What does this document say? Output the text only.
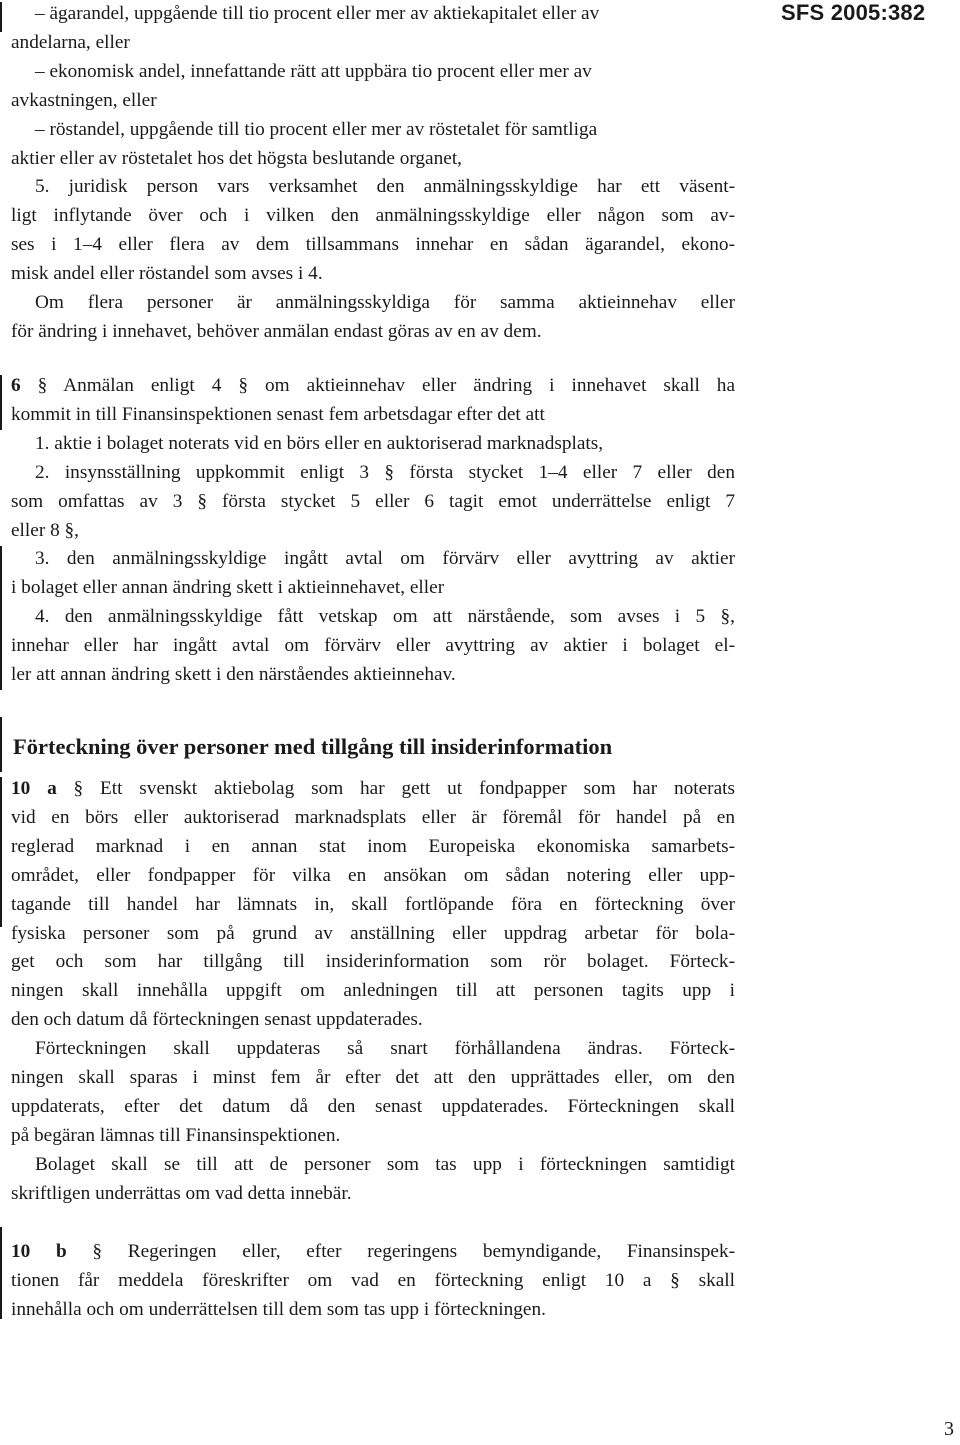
SFS 2005:382
– ägarandel, uppgående till tio procent eller mer av aktiekapitalet eller av
andelarna, eller
– ekonomisk andel, innefattande rätt att uppbära tio procent eller mer av
avkastningen, eller
– röstandel, uppgående till tio procent eller mer av röstetalet för samtliga
aktier eller av röstetalet hos det högsta beslutande organet,
5. juridisk person vars verksamhet den anmälningsskyldige har ett väsent-
ligt inflytande över och i vilken den anmälningsskyldige eller någon som av-
ses i 1–4 eller flera av dem tillsammans innehar en sådan ägarandel, ekono-
misk andel eller röstandel som avses i 4.
Om flera personer är anmälningsskyldiga för samma aktieinnehav eller
för ändring i innehavet, behöver anmälan endast göras av en av dem.
6 § Anmälan enligt 4 § om aktieinnehav eller ändring i innehavet skall ha
kommit in till Finansinspektionen senast fem arbetsdagar efter det att
1. aktie i bolaget noterats vid en börs eller en auktoriserad marknadsplats,
2. insynsställning uppkommit enligt 3 § första stycket 1–4 eller 7 eller den
som omfattas av 3 § första stycket 5 eller 6 tagit emot underrättelse enligt 7
eller 8 §,
3. den anmälningsskyldige ingått avtal om förvärv eller avyttring av aktier
i bolaget eller annan ändring skett i aktieinnehavet, eller
4. den anmälningsskyldige fått vetskap om att närstående, som avses i 5 §,
innehar eller har ingått avtal om förvärv eller avyttring av aktier i bolaget el-
ler att annan ändring skett i den närståendes aktieinnehav.
Förteckning över personer med tillgång till insiderinformation
10 a § Ett svenskt aktiebolag som har gett ut fondpapper som har noterats
vid en börs eller auktoriserad marknadsplats eller är föremål för handel på en
reglerad marknad i en annan stat inom Europeiska ekonomiska samarbets-
området, eller fondpapper för vilka en ansökan om sådan notering eller upp-
tagande till handel har lämnats in, skall fortlöpande föra en förteckning över
fysiska personer som på grund av anställning eller uppdrag arbetar för bola-
get och som har tillgång till insiderinformation som rör bolaget. Förteck-
ningen skall innehålla uppgift om anledningen till att personen tagits upp i
den och datum då förteckningen senast uppdaterades.
Förteckningen skall uppdateras så snart förhållandena ändras. Förteck-
ningen skall sparas i minst fem år efter det att den upprättades eller, om den
uppdaterats, efter det datum då den senast uppdaterades. Förteckningen skall
på begäran lämnas till Finansinspektionen.
Bolaget skall se till att de personer som tas upp i förteckningen samtidigt
skriftligen underrättas om vad detta innebär.
10 b § Regeringen eller, efter regeringens bemyndigande, Finansinspek-
tionen får meddela föreskrifter om vad en förteckning enligt 10 a § skall
innehålla och om underrättelsen till dem som tas upp i förteckningen.
3
